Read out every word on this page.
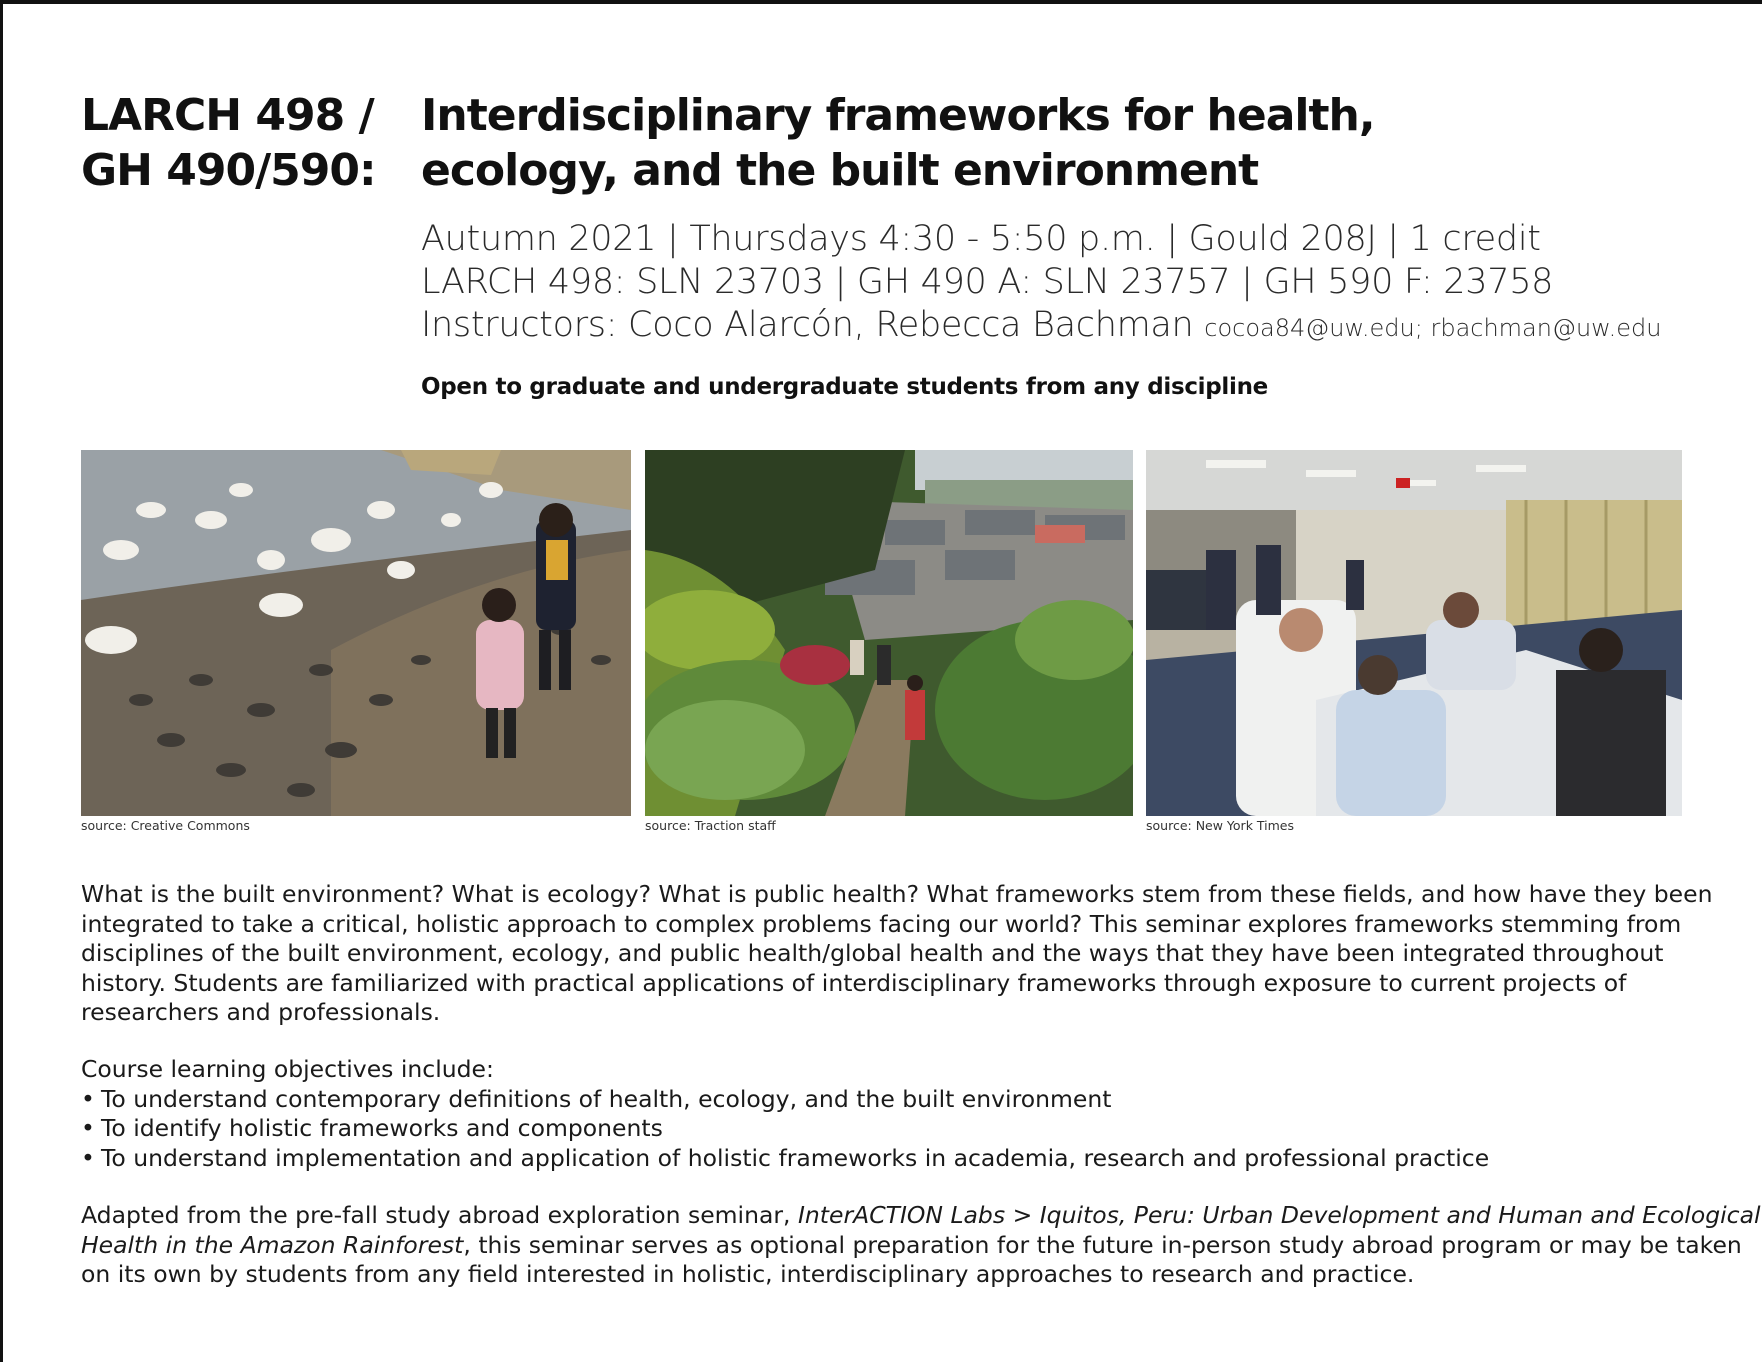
LARCH 498 /
GH 490/590:
Interdisciplinary frameworks for health,
ecology, and the built environment
Autumn 2021 | Thursdays 4:30 - 5:50 p.m. | Gould 208J | 1 credit
LARCH 498: SLN 23703 | GH 490 A: SLN 23757 | GH 590 F: 23758
Instructors: Coco Alarcón, Rebecca Bachman cocoa84@uw.edu; rbachman@uw.edu
Open to graduate and undergraduate students from any discipline
source: Creative Commons	source: Traction staff	source: New York Times
What is the built environment? What is ecology? What is public health? What frameworks stem from these fields, and how have they been
integrated to take a critical, holistic approach to complex problems facing our world? This seminar explores frameworks stemming from
disciplines of the built environment, ecology, and public health/global health and the ways that they have been integrated throughout
history. Students are familiarized with practical applications of interdisciplinary frameworks through exposure to current projects of
researchers and professionals.
Course learning objectives include:
• To understand contemporary definitions of health, ecology, and the built environment
• To identify holistic frameworks and components
• To understand implementation and application of holistic frameworks in academia, research and professional practice
Adapted from the pre-fall study abroad exploration seminar, InterACTION Labs > Iquitos, Peru: Urban Development and Human and Ecological
Health in the Amazon Rainforest, this seminar serves as optional preparation for the future in-person study abroad program or may be taken
on its own by students from any field interested in holistic, interdisciplinary approaches to research and practice.
